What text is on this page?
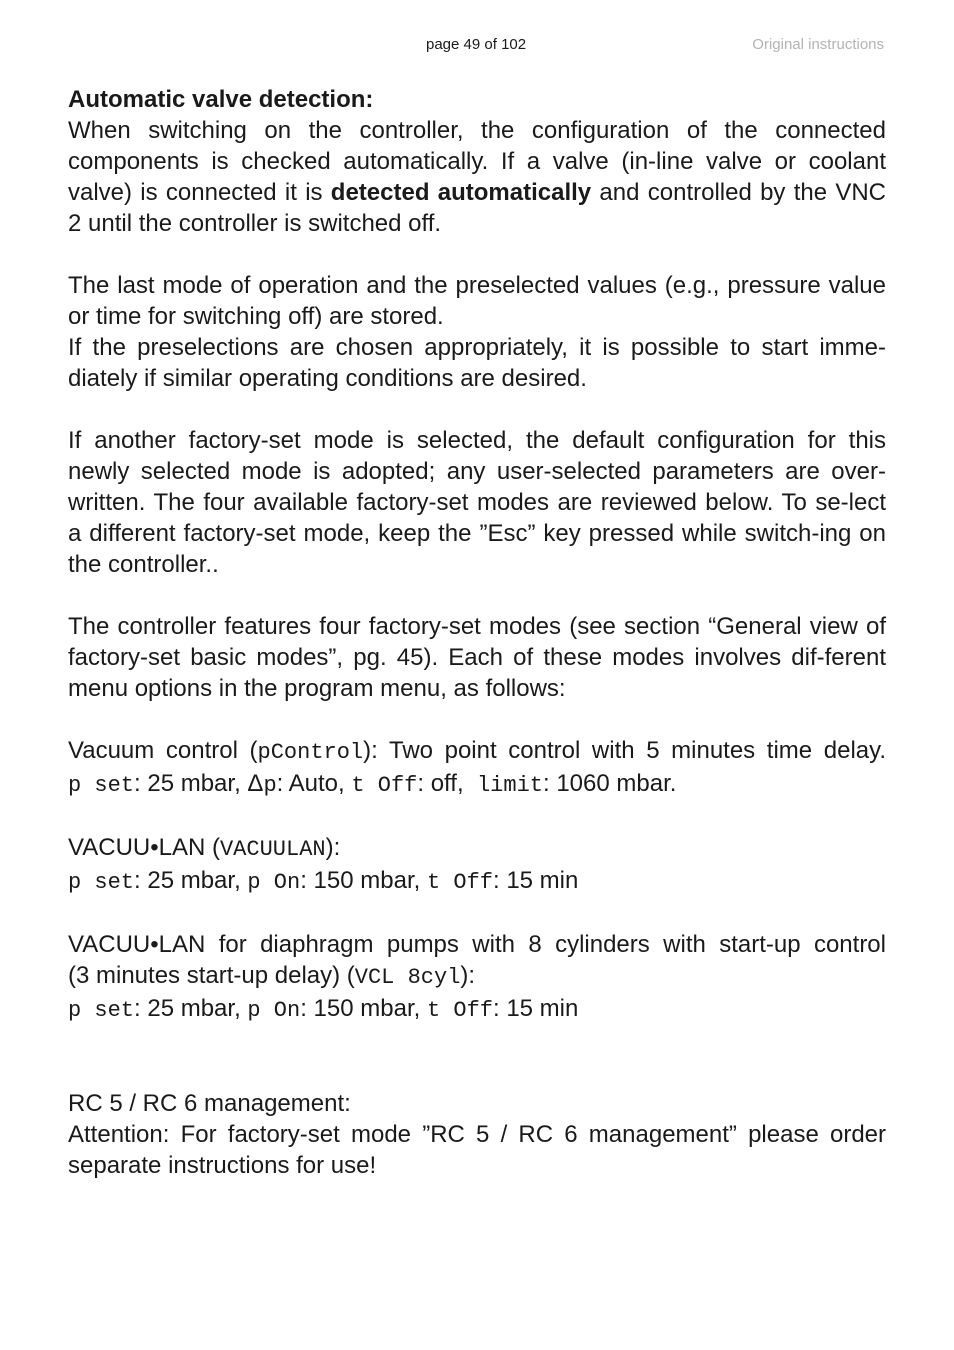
page 49 of 102	Original instructions

Automatic valve detection:

When switching on the controller, the configuration of the connected components is checked automatically. If a valve (in-line valve or coolant valve) is connected it is detected automatically and controlled by the VNC 2 until the controller is switched off.

The last mode of operation and the preselected values (e.g., pressure value or time for switching off) are stored.

If the preselections are chosen appropriately, it is possible to start imme-diately if similar operating conditions are desired.

If another factory-set mode is selected, the default configuration for this newly selected mode is adopted; any user-selected parameters are over-written. The four available factory-set modes are reviewed below. To se-lect a different factory-set mode, keep the ”Esc” key pressed while switch-ing on the controller..

The controller features four factory-set modes (see section “General view of factory-set basic modes”, pg. 45). Each of these modes involves dif-ferent menu options in the program menu, as follows:

Vacuum control (pControl): Two point control with 5 minutes time delay.

p set: 25 mbar, Δp: Auto, t Off: off,  limit: 1060 mbar.

VACUU•LAN (VACUULAN):

p set: 25 mbar, p On: 150 mbar, t Off: 15 min

VACUU•LAN for diaphragm pumps with 8 cylinders with start-up control

(3 minutes start-up delay) (VCL 8cyl):

p set: 25 mbar, p On: 150 mbar, t Off: 15 min

RC 5 / RC 6 management:

Attention: For factory-set mode ”RC 5 / RC 6 management” please order separate instructions for use!
